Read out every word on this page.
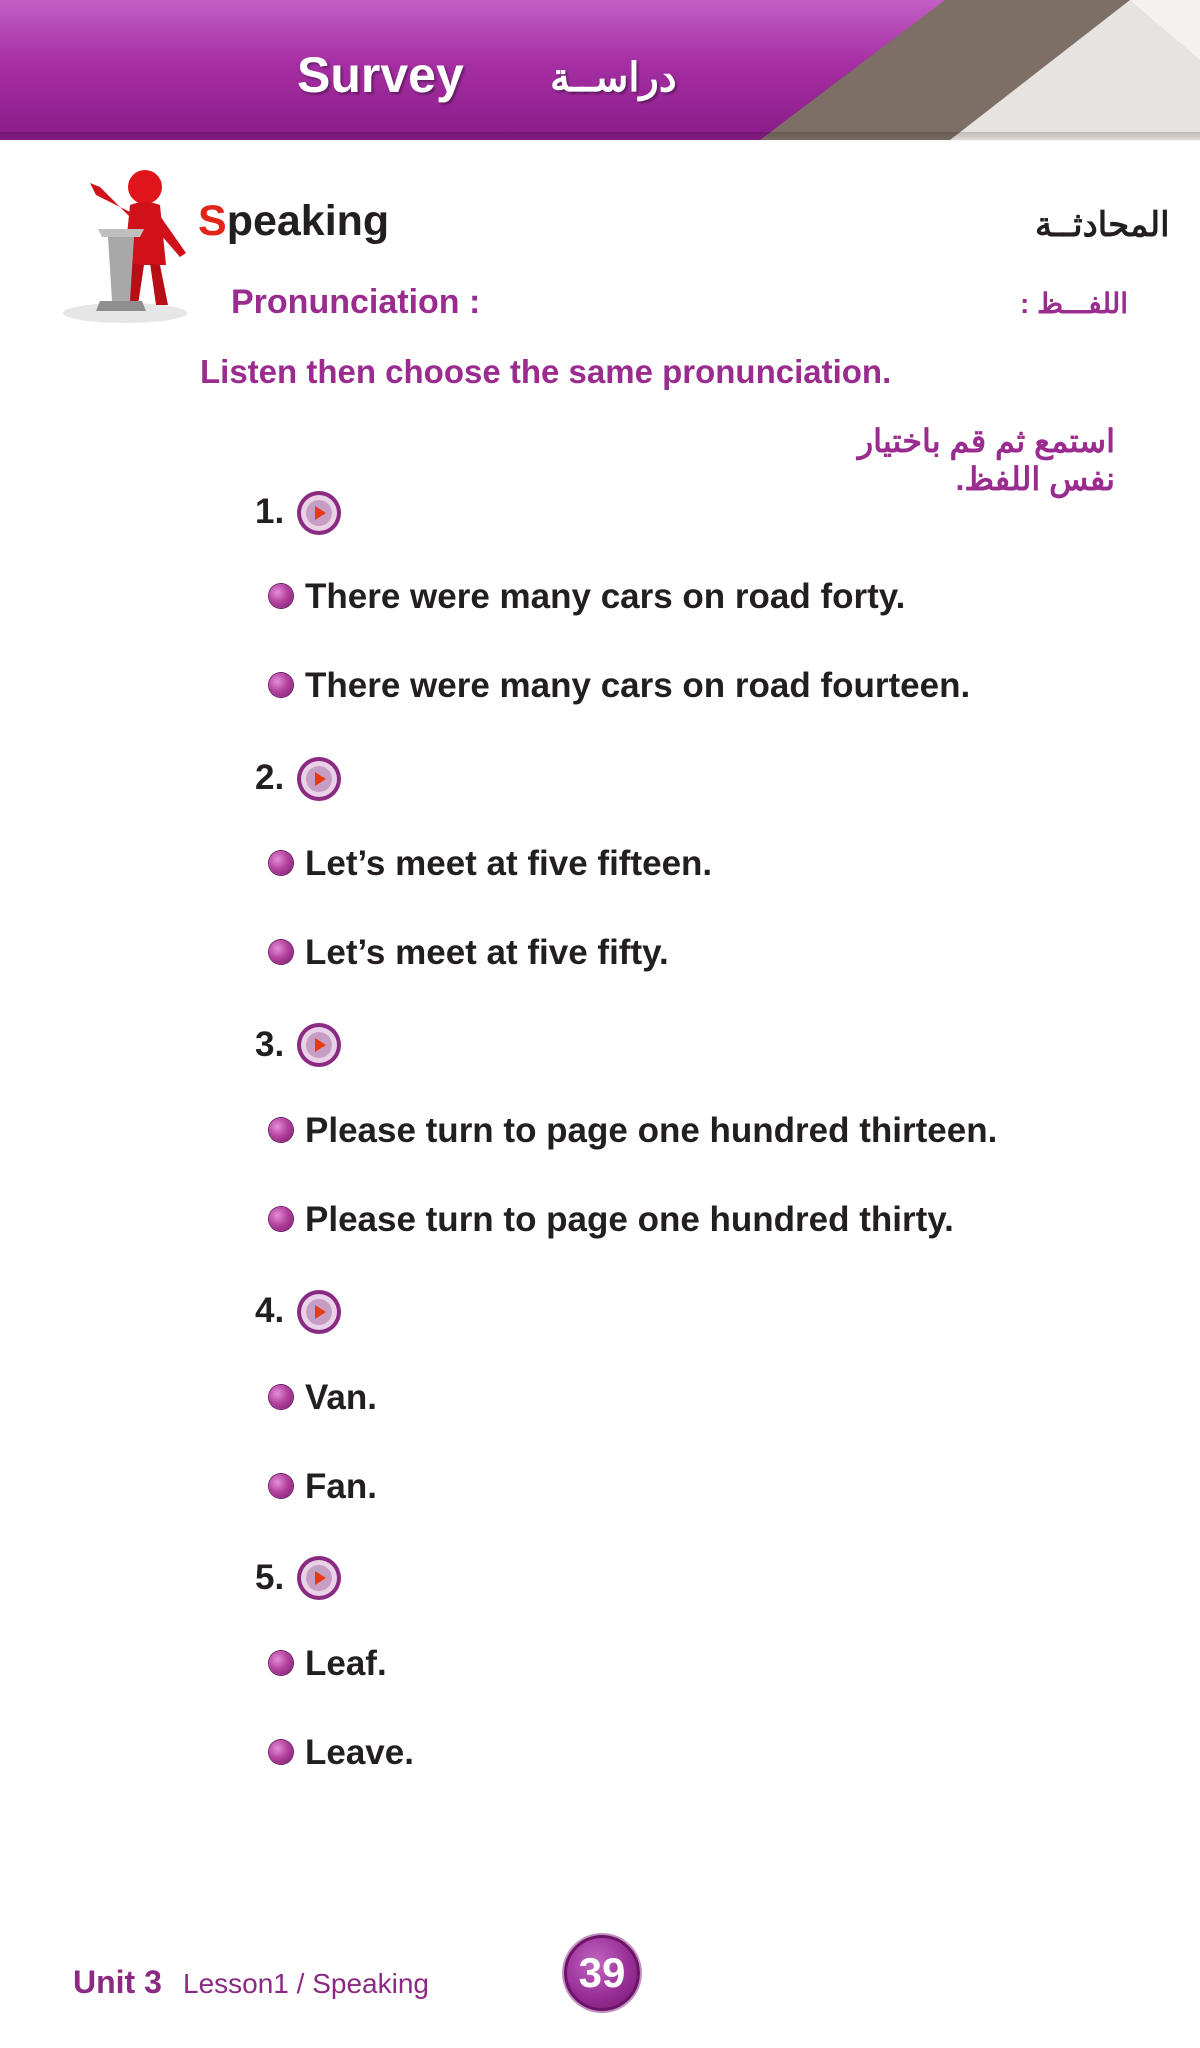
Survey دراســة
Speaking	المحادثــة
Pronunciation :	اللفـــظ :
Listen then choose the same pronunciation.
استمع ثم قم باختيار نفس اللفظ.
1.
There were many cars on road forty.
There were many cars on road fourteen.
2.
Let’s meet at five fifteen.
Let’s meet at five fifty.
3.
Please turn to page one hundred thirteen.
Please turn to page one hundred thirty.
4.
Van.
Fan.
5.
Leaf.
Leave.
Unit 3 Lesson1 / Speaking	39
